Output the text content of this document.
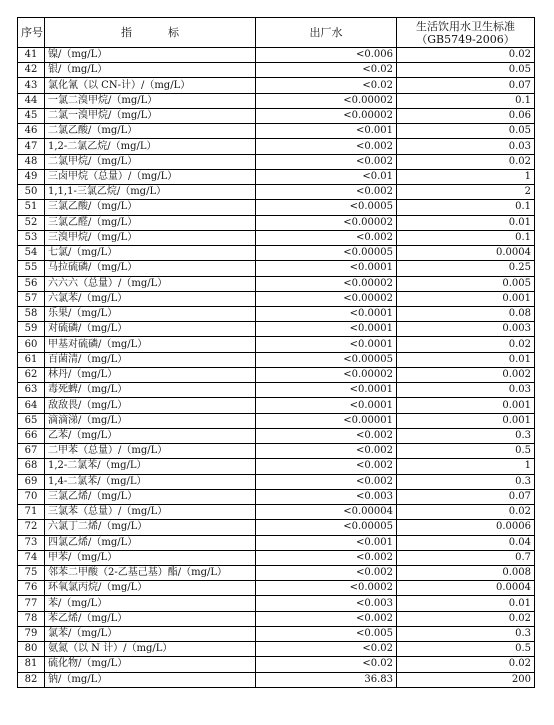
序号	指 标	出厂水	生活饮用水卫生标准
（GB5749-2006）

41	镍/（mg/L）	<0.006	0.02
42	银/（mg/L）	<0.02	0.05
43	氯化氰（以 CN-计）/（mg/L）	<0.02	0.07
44	一氯二溴甲烷/（mg/L）	<0.00002	0.1
45	二氯一溴甲烷/（mg/L）	<0.00002	0.06
46	二氯乙酸/（mg/L）	<0.001	0.05
47	1,2-二氯乙烷/（mg/L）	<0.002	0.03
48	二氯甲烷/（mg/L）	<0.002	0.02
49	三卤甲烷（总量）/（mg/L）	<0.01	1
50	1,1,1-三氯乙烷/（mg/L）	<0.002	2
51	三氯乙酸/（mg/L）	<0.0005	0.1
52	三氯乙醛/（mg/L）	<0.00002	0.01
53	三溴甲烷/（mg/L）	<0.002	0.1
54	七氯/（mg/L）	<0.00005	0.0004
55	马拉硫磷/（mg/L）	<0.0001	0.25
56	六六六（总量）/（mg/L）	<0.00002	0.005
57	六氯苯/（mg/L）	<0.00002	0.001
58	乐果/（mg/L）	<0.0001	0.08
59	对硫磷/（mg/L）	<0.0001	0.003
60	甲基对硫磷/（mg/L）	<0.0001	0.02
61	百菌清/（mg/L）	<0.00005	0.01
62	林丹/（mg/L）	<0.00002	0.002
63	毒死蜱/（mg/L）	<0.0001	0.03
64	敌敌畏/（mg/L）	<0.0001	0.001
65	滴滴涕/（mg/L）	<0.00001	0.001
66	乙苯/（mg/L）	<0.002	0.3
67	二甲苯（总量）/（mg/L）	<0.002	0.5
68	1,2-二氯苯/（mg/L）	<0.002	1
69	1,4-二氯苯/（mg/L）	<0.002	0.3
70	三氯乙烯/（mg/L）	<0.003	0.07
71	三氯苯（总量）/（mg/L）	<0.00004	0.02
72	六氯丁二烯/（mg/L）	<0.00005	0.0006
73	四氯乙烯/（mg/L）	<0.001	0.04
74	甲苯/（mg/L）	<0.002	0.7
75	邻苯二甲酸（2-乙基己基）酯/（mg/L）	<0.002	0.008
76	环氧氯丙烷/（mg/L）	<0.0002	0.0004
77	苯/（mg/L）	<0.003	0.01
78	苯乙烯/（mg/L）	<0.002	0.02
79	氯苯/（mg/L）	<0.005	0.3
80	氨氮（以 N 计）/（mg/L）	<0.02	0.5
81	硫化物/（mg/L）	<0.02	0.02
82	钠/（mg/L）	36.83	200
